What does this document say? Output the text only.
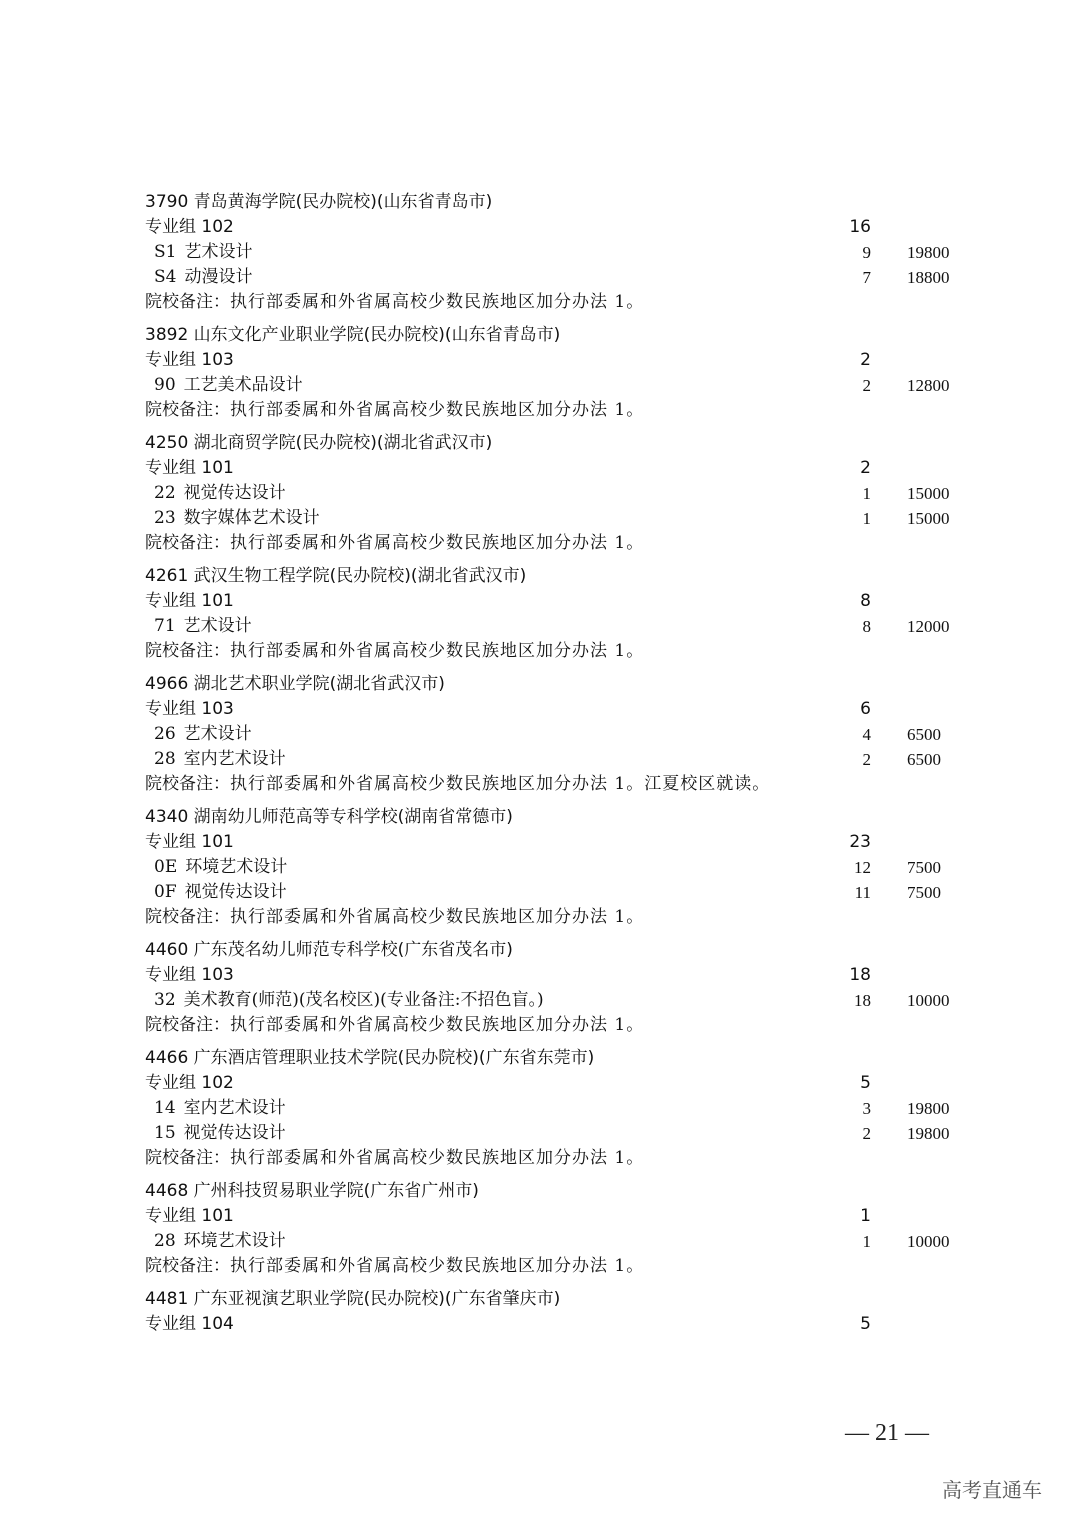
3790 青岛黄海学院(民办院校)(山东省青岛市)
专业组 102	16
S1 艺术设计	9 19800
S4 动漫设计	7 18800
院校备注：执行部委属和外省属高校少数民族地区加分办法 1。
3892 山东文化产业职业学院(民办院校)(山东省青岛市)
专业组 103	2
90 工艺美术品设计	2 12800
院校备注：执行部委属和外省属高校少数民族地区加分办法 1。
4250 湖北商贸学院(民办院校)(湖北省武汉市)
专业组 101	2
22 视觉传达设计	1 15000
23 数字媒体艺术设计	1 15000
院校备注：执行部委属和外省属高校少数民族地区加分办法 1。
4261 武汉生物工程学院(民办院校)(湖北省武汉市)
专业组 101	8
71 艺术设计	8 12000
院校备注：执行部委属和外省属高校少数民族地区加分办法 1。
4966 湖北艺术职业学院(湖北省武汉市)
专业组 103	6
26 艺术设计	4 6500
28 室内艺术设计	2 6500
院校备注：执行部委属和外省属高校少数民族地区加分办法 1。江夏校区就读。
4340 湖南幼儿师范高等专科学校(湖南省常德市)
专业组 101	23
0E 环境艺术设计	12 7500
0F 视觉传达设计	11 7500
院校备注：执行部委属和外省属高校少数民族地区加分办法 1。
4460 广东茂名幼儿师范专科学校(广东省茂名市)
专业组 103	18
32 美术教育(师范)(茂名校区)(专业备注:不招色盲。)	18 10000
院校备注：执行部委属和外省属高校少数民族地区加分办法 1。
4466 广东酒店管理职业技术学院(民办院校)(广东省东莞市)
专业组 102	5
14 室内艺术设计	3 19800
15 视觉传达设计	2 19800
院校备注：执行部委属和外省属高校少数民族地区加分办法 1。
4468 广州科技贸易职业学院(广东省广州市)
专业组 101	1
28 环境艺术设计	1 10000
院校备注：执行部委属和外省属高校少数民族地区加分办法 1。
4481 广东亚视演艺职业学院(民办院校)(广东省肇庆市)
专业组 104	5
— 21 —
高考直通车
